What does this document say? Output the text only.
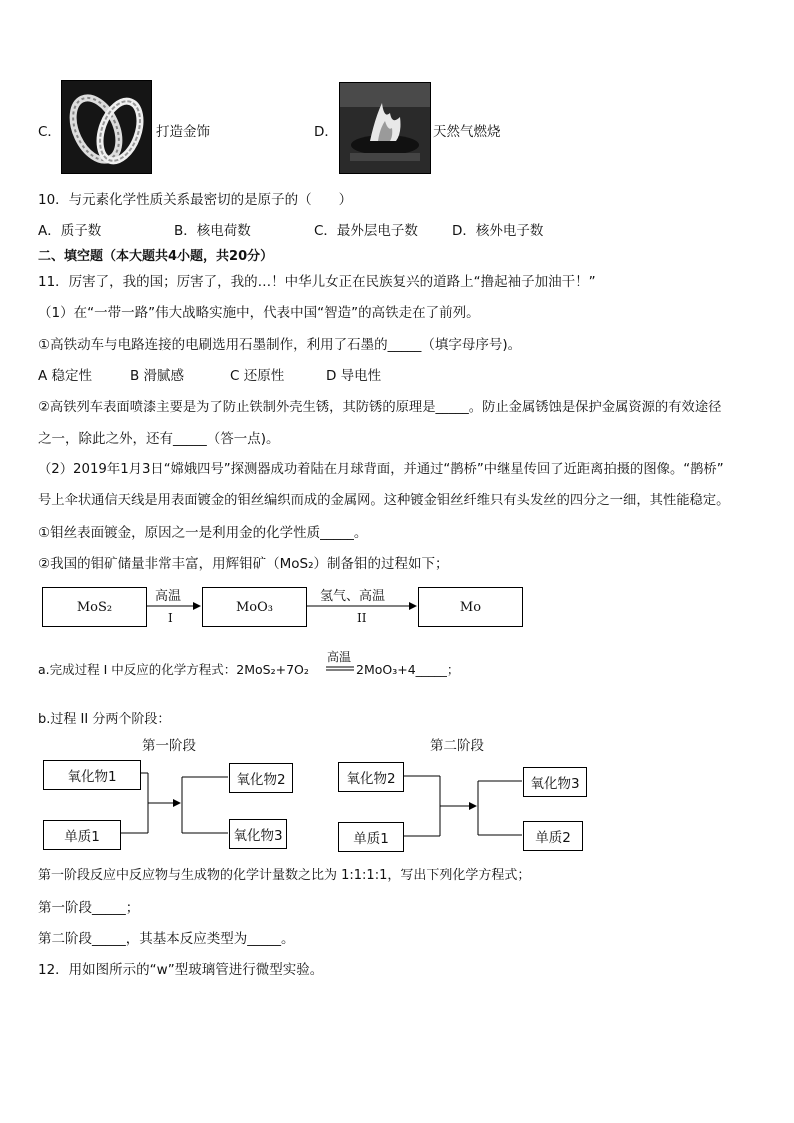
C．	打造金饰	D．	天然气燃烧
10．与元素化学性质关系最密切的是原子的（　　）
A．质子数	B．核电荷数	C．最外层电子数	D．核外电子数
二、填空题（本大题共4小题，共20分）
11．厉害了，我的国；厉害了，我的…！中华儿女正在民族复兴的道路上“撸起袖子加油干！”
（1）在“一带一路”伟大战略实施中，代表中国“智造”的高铁走在了前列。
①高铁动车与电路连接的电刷选用石墨制作，利用了石墨的_____（填字母序号)。
A 稳定性	B 滑腻感	C 还原性	D 导电性
②高铁列车表面喷漆主要是为了防止铁制外壳生锈，其防锈的原理是_____。防止金属锈蚀是保护金属资源的有效途径
之一，除此之外，还有_____（答一点)。
（2）2019年1月3日“嫦娥四号”探测器成功着陆在月球背面，并通过“鹊桥”中继星传回了近距离拍摄的图像。“鹊桥”
号上伞状通信天线是用表面镀金的钼丝编织而成的金属网。这种镀金钼丝纤维只有头发丝的四分之一细，其性能稳定。
①钼丝表面镀金，原因之一是利用金的化学性质_____。
②我国的钼矿储量非常丰富，用辉钼矿（MoS₂）制备钼的过程如下；
MoS₂	MoO₃	Mo
高温
I
氢气、高温
II
a.完成过程 I 中反应的化学方程式：2MoS₂+7O₂
高温
2MoO₃+4_____；
b.过程 II 分两个阶段：
第一阶段	第二阶段
氧化物1
单质1
氧化物2
氧化物3
氧化物2
单质1
氧化物3
单质2
第一阶段反应中反应物与生成物的化学计量数之比为 1:1:1:1，写出下列化学方程式；
第一阶段_____；
第二阶段_____，其基本反应类型为_____。
12．用如图所示的“w”型玻璃管进行微型实验。
